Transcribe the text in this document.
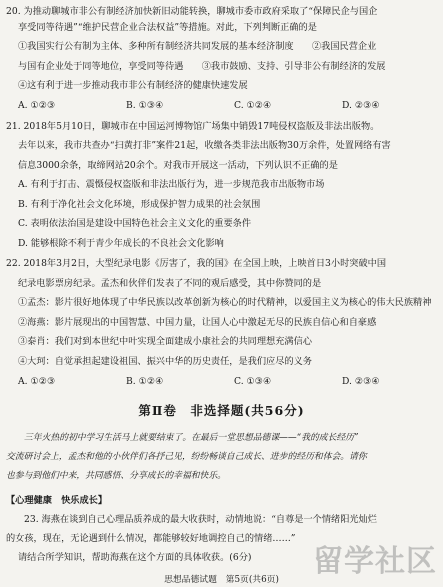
20. 为推动聊城市非公有制经济加快新旧动能转换，聊城市委市政府采取了“保障民企与国企
享受同等待遇”“维护民营企业合法权益”等措施。对此，下列判断正确的是
①我国实行公有制为主体、多种所有制经济共同发展的基本经济制度　　②我国民营企业
与国有企业处于同等地位，享受同等待遇　　③我市鼓励、支持、引导非公有制经济的发展
④这有利于进一步推动我市非公有制经济的健康快速发展
A. ①②③	B. ①③④	C. ①②④	D. ②③④
21. 2018年5月10日，聊城市在中国运河博物馆广场集中销毁17吨侵权盗版及非法出版物。
去年以来，我市共查办“扫黄打非”案件21起，收缴各类非法出版物30万余件，处置网络有害
信息3000余条，取缔网站20余个。对我市开展这一活动，下列认识不正确的是
A. 有利于打击、震慑侵权盗版和非法出版行为，进一步规范我市出版物市场
B. 有利于净化社会文化环境，形成保护智力成果的社会氛围
C. 表明依法治国是建设中国特色社会主义文化的重要条件
D. 能够根除不利于青少年成长的不良社会文化影响
22. 2018年3月2日，大型纪录电影《厉害了，我的国》在全国上映，上映首日3小时突破中国
纪录电影票房纪录。孟杰和伙伴们发表了不同的观后感受，其中你赞同的是
①孟杰：影片很好地体现了中华民族以改革创新为核心的时代精神，以爱国主义为核心的伟大民族精神
②海燕：影片展现出的中国智慧、中国力量，让国人心中激起无尽的民族自信心和自豪感
③泰肖：我们对到本世纪中叶实现全面建成小康社会的共同理想充满信心
④大珂：自觉承担起建设祖国、振兴中华的历史责任，是我们应尽的义务
A. ①②③	B. ①②④	C. ①③④	D. ②③④
第Ⅱ卷　非选择题(共56分)
三年火热的初中学习生活马上就要结束了。在最后一堂思想品德课——“我的成长经历”
交流研讨会上，孟杰和他的小伙伴们各抒己见，纷纷畅谈自己成长、进步的经历和体会。请你
也参与到他们中来，共同感悟、分享成长的幸福和快乐。
【心理健康　快乐成长】
23. 海燕在谈到自己心理品质养成的最大收获时，动情地说：“自尊是一个情绪阳光灿烂
的女孩，现在，无论遇到什么情况，都能够较好地调控自己的情绪……”
请结合所学知识，帮助海燕在这个方面的具体收获。(6分)
思想品德试题　第5页(共6页)
留学社区
